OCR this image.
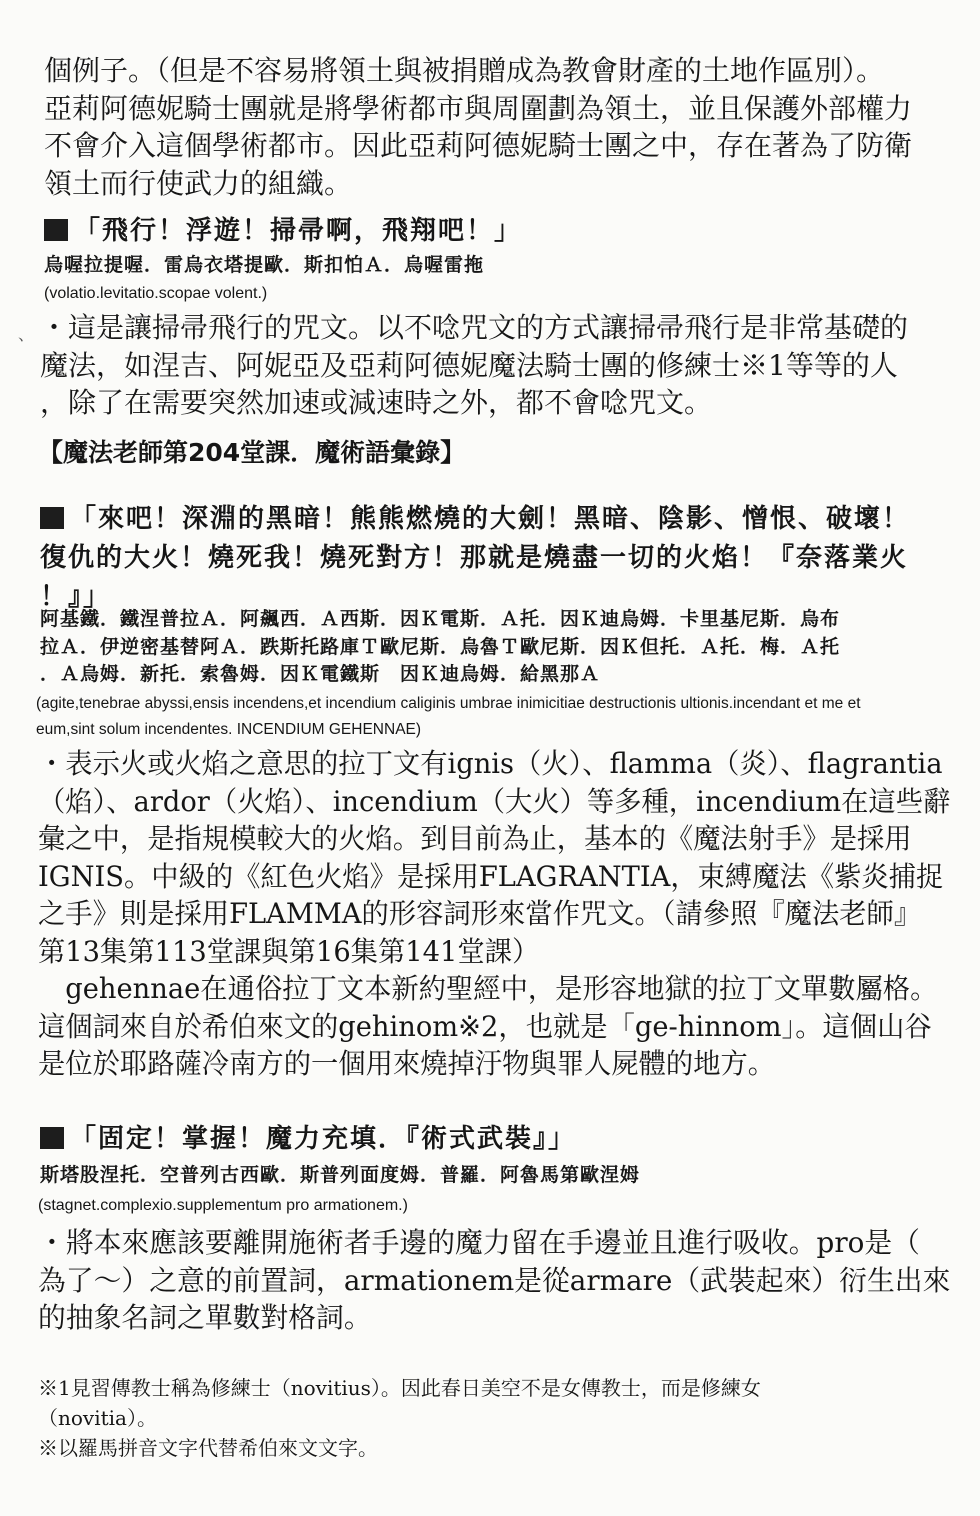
個例子。（但是不容易將領土與被捐贈成為教會財產的土地作區別）。
亞莉阿德妮騎士團就是將學術都市與周圍劃為領土，並且保護外部權力
不會介入這個學術都市。因此亞莉阿德妮騎士團之中，存在著為了防衛
領土而行使武力的組織。
「飛行！浮遊！掃帚啊，飛翔吧！」
烏喔拉提喔．雷烏衣塔提歐．斯扣怕Ａ．烏喔雷拖
(volatio.levitatio.scopae volent.)
、 ・這是讓掃帚飛行的咒文。以不唸咒文的方式讓掃帚飛行是非常基礎的
魔法，如涅吉、阿妮亞及亞莉阿德妮魔法騎士團的修練士※1等等的人
，除了在需要突然加速或減速時之外，都不會唸咒文。
【魔法老師第204堂課．魔術語彙錄】
「來吧！深淵的黑暗！熊熊燃燒的大劍！黑暗、陰影、憎恨、破壞！
復仇的大火！燒死我！燒死對方！那就是燒盡一切的火焰！『奈落業火
！』」
阿基鐵．鐵涅普拉Ａ．阿飆西．Ａ西斯．因Ｋ電斯．Ａ托．因Ｋ迪烏姆．卡里基尼斯．烏布
拉Ａ．伊逆密基替阿Ａ．跌斯托路庫Ｔ歐尼斯．烏魯Ｔ歐尼斯．因Ｋ但托．Ａ托．梅．Ａ托
．Ａ烏姆．新托．索魯姆．因Ｋ電鐵斯　因Ｋ迪烏姆．給黑那Ａ
(agite,tenebrae abyssi,ensis incendens,et incendium caliginis umbrae inimicitiae destructionis ultionis.incendant et me et
eum,sint solum incendentes. INCENDIUM GEHENNAE)
・表示火或火焰之意思的拉丁文有ignis（火）、flamma（炎）、flagrantia
（焰）、ardor（火焰）、incendium（大火）等多種，incendium在這些辭
彙之中，是指規模較大的火焰。到目前為止，基本的《魔法射手》是採用
IGNIS。中級的《紅色火焰》是採用FLAGRANTIA，束縛魔法《紫炎捕捉
之手》則是採用FLAMMA的形容詞形來當作咒文。（請參照『魔法老師』
第13集第113堂課與第16集第141堂課）
　gehennae在通俗拉丁文本新約聖經中，是形容地獄的拉丁文單數屬格。
這個詞來自於希伯來文的gehinom※2，也就是「ge-hinnom」。這個山谷
是位於耶路薩冷南方的一個用來燒掉汙物與罪人屍體的地方。
「固定！掌握！魔力充填．『術式武裝』」
斯塔股涅托．空普列古西歐．斯普列面度姆．普羅．阿魯馬第歐涅姆
(stagnet.complexio.supplementum pro armationem.)
・將本來應該要離開施術者手邊的魔力留在手邊並且進行吸收。pro是（
為了～）之意的前置詞，armationem是從armare（武裝起來）衍生出來
的抽象名詞之單數對格詞。
※1見習傳教士稱為修練士（novitius）。因此春日美空不是女傳教士，而是修練女
（novitia）。
※以羅馬拼音文字代替希伯來文文字。
